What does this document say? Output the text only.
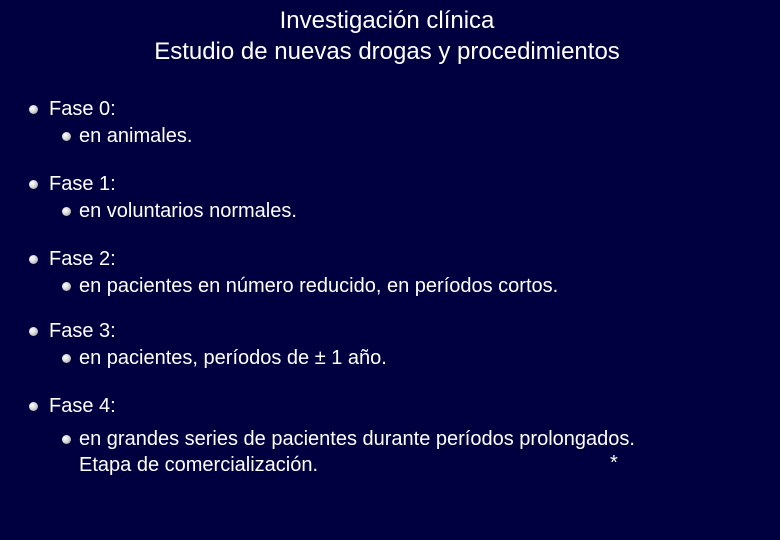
Investigación clínica
Estudio de nuevas drogas y procedimientos
Fase 0:
en animales.
Fase 1:
en voluntarios normales.
Fase 2:
en pacientes en número reducido, en períodos cortos.
Fase 3:
en pacientes, períodos de ± 1 año.
Fase 4:
en grandes series de pacientes durante períodos prolongados.
Etapa de comercialización.	*
